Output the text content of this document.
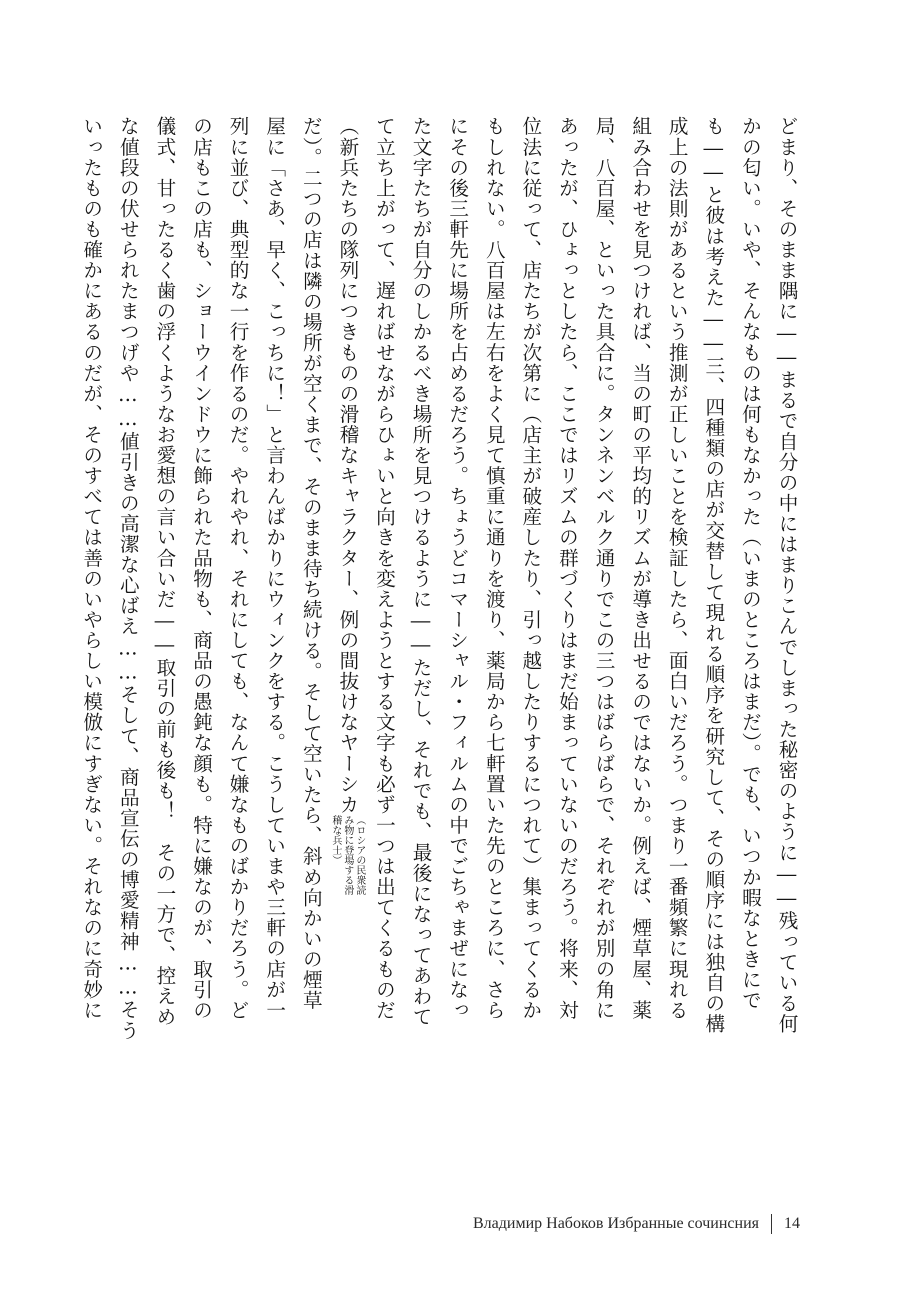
どまり、そのまま隅に――まるで自分の中にはまりこんでしまった秘密のように――残っている何
かの匂い。いや、そんなものは何もなかった（いまのところはまだ）。でも、いつか暇なときにで
も――と彼は考えた――三、四種類の店が交替して現れる順序を研究して、その順序には独自の構
成上の法則があるという推測が正しいことを検証したら、面白いだろう。つまり一番頻繁に現れる
組み合わせを見つければ、当の町の平均的リズムが導き出せるのではないか。例えば、煙草屋、薬
局、八百屋、といった具合に。タンネンベルク通りでこの三つはばらばらで、それぞれが別の角に
あったが、ひょっとしたら、ここではリズムの群づくりはまだ始まっていないのだろう。将来、対
位法に従って、店たちが次第に（店主が破産したり、引っ越したりするにつれて）集まってくるか
もしれない。八百屋は左右をよく見て慎重に通りを渡り、薬局から七軒置いた先のところに、さら
にその後三軒先に場所を占めるだろう。ちょうどコマーシャル・フィルムの中でごちゃまぜになっ
た文字たちが自分のしかるべき場所を見つけるように――ただし、それでも、最後になってあわて
て立ち上がって、遅ればせながらひょいと向きを変えようとする文字も必ず一つは出てくるものだ
（新兵たちの隊列につきものの滑稽なキャラクター、例の間抜けなヤーシカ（ロシアの民衆読み物に登場する滑稽な兵士）
だ）。二つの店は隣の場所が空くまで、そのまま待ち続ける。そして空いたら、斜め向かいの煙草
屋に「さあ、早く、こっちに！」と言わんばかりにウィンクをする。こうしていまや三軒の店が一
列に並び、典型的な一行を作るのだ。やれやれ、それにしても、なんて嫌なものばかりだろう。ど
の店もこの店も、ショーウインドウに飾られた品物も、商品の愚鈍な顔も。特に嫌なのが、取引の
儀式、甘ったるく歯の浮くようなお愛想の言い合いだ――取引の前も後も！　その一方で、控えめ
な値段の伏せられたまつげや……値引きの高潔な心ばえ……そして、商品宣伝の博愛精神……そう
いったものも確かにあるのだが、そのすべては善のいやらしい模倣にすぎない。それなのに奇妙に
Владимир Набоков Избранные сочинсния 14
